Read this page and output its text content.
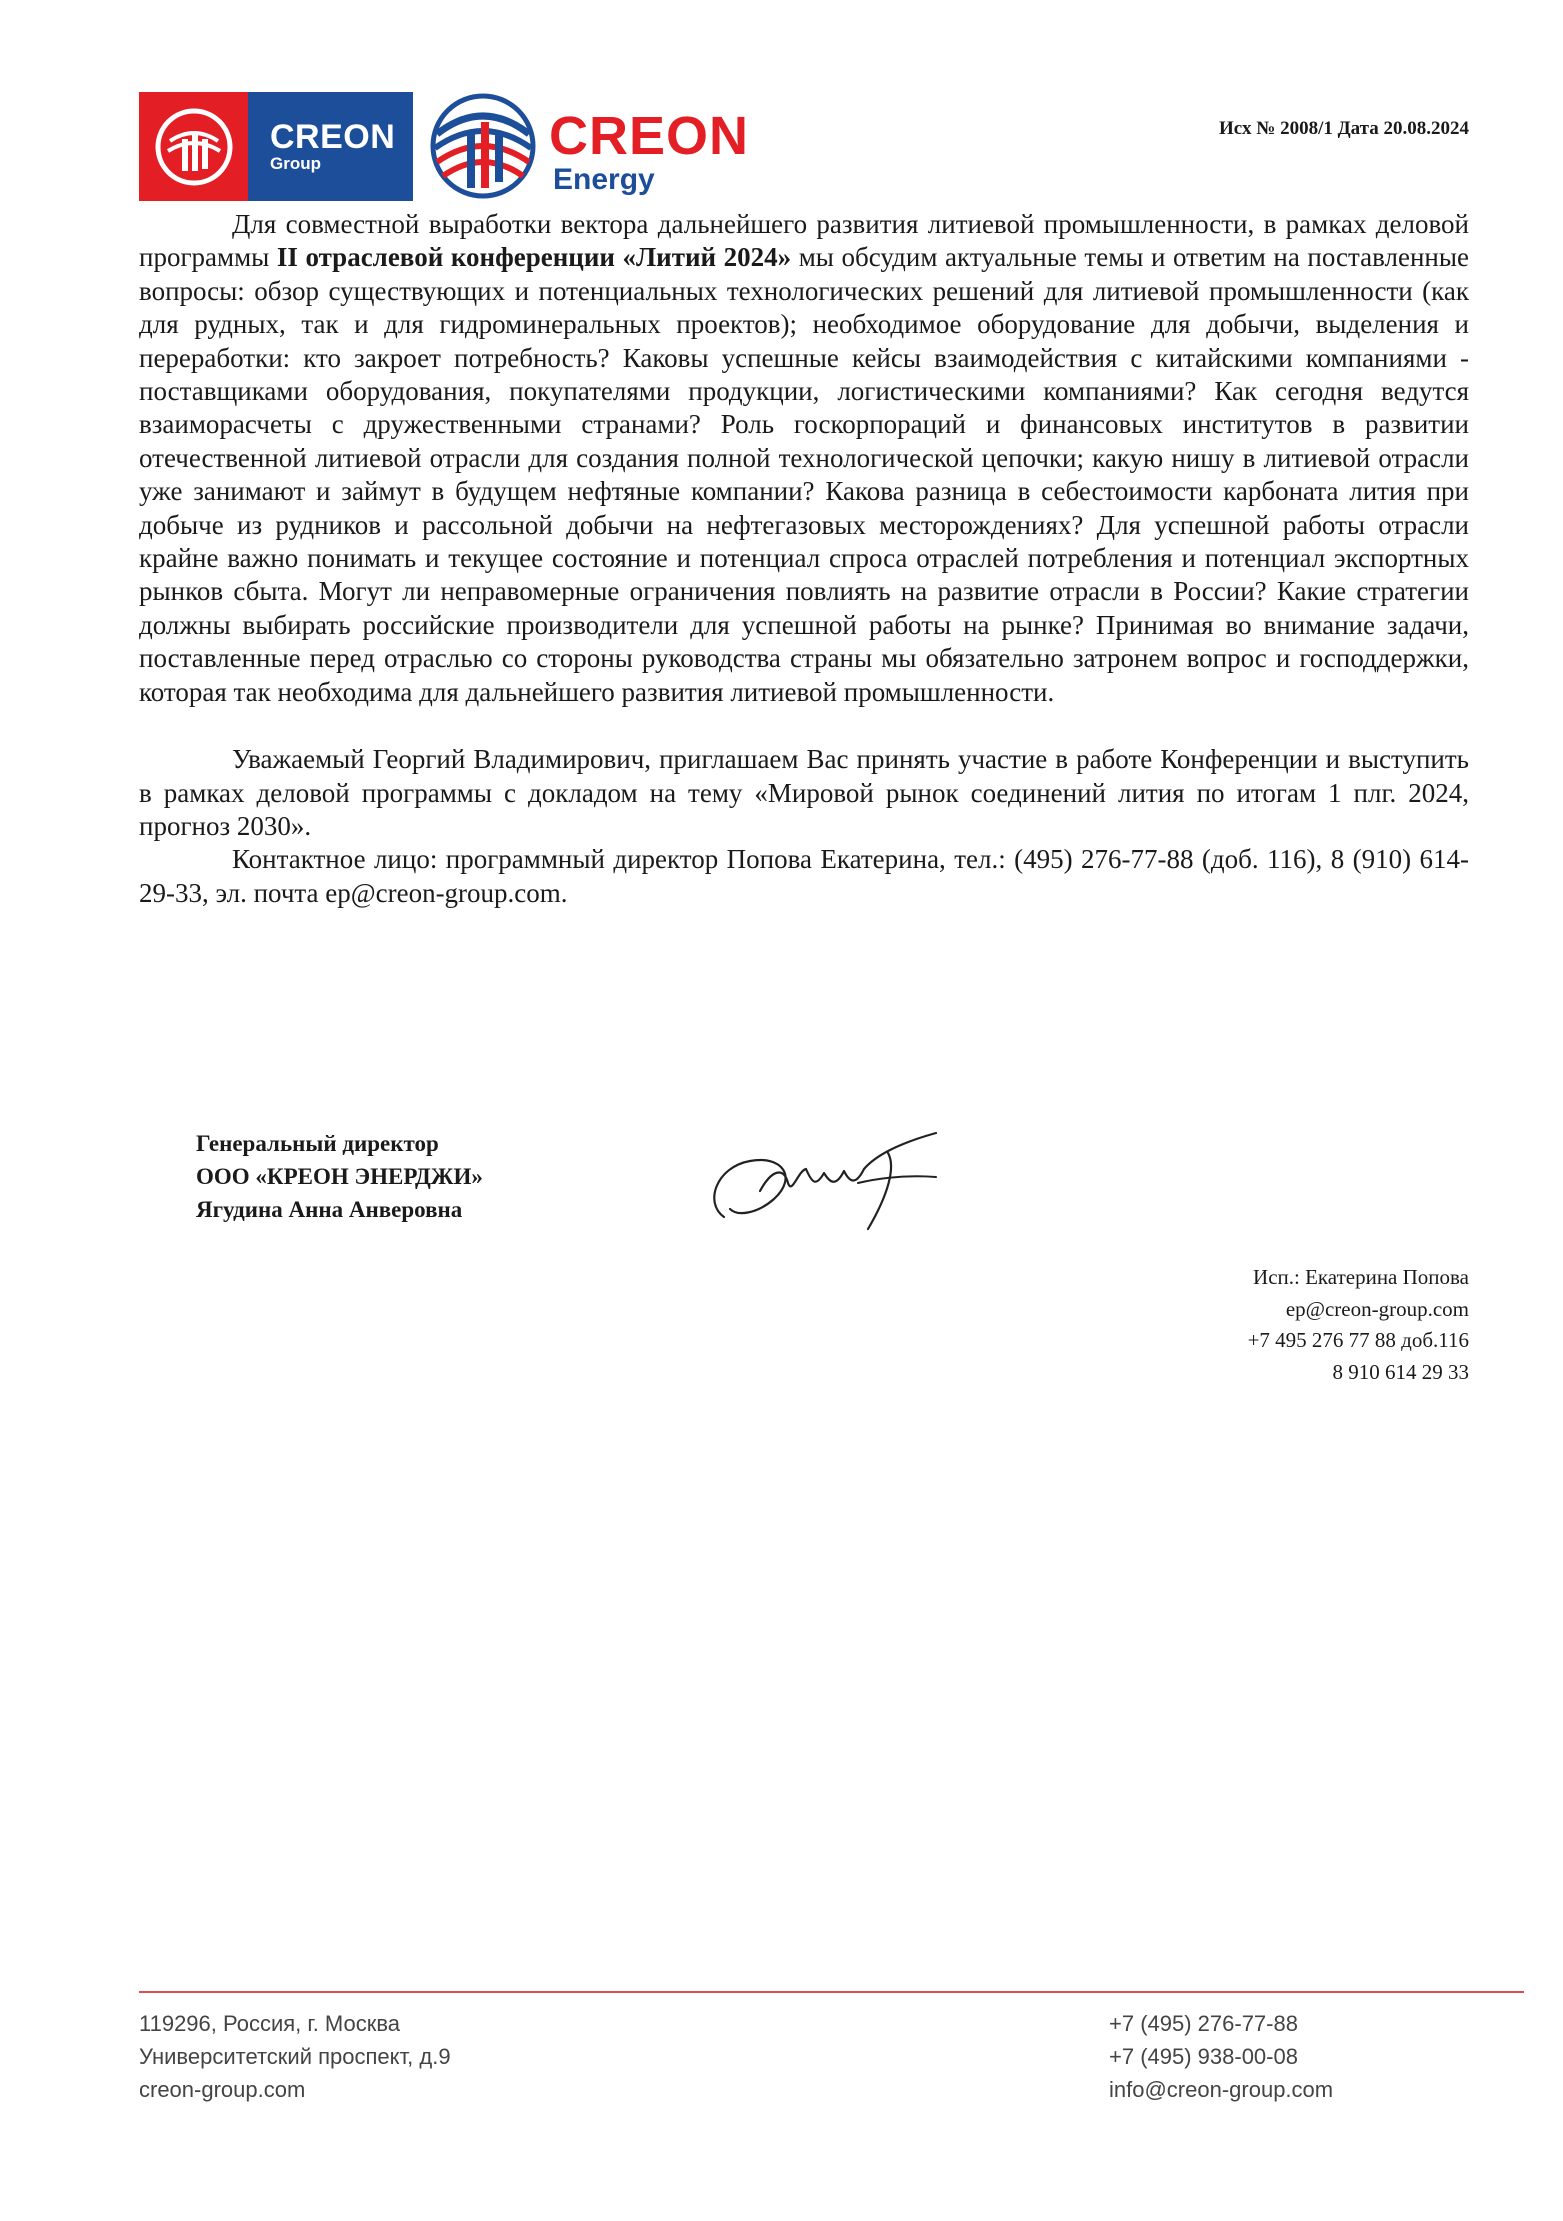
CREON
Group	CREON
Energy
Исх № 2008/1 Дата 20.08.2024

Для совместной выработки вектора дальнейшего развития литиевой промышленности, в рамках деловой программы II отраслевой конференции «Литий 2024» мы обсудим актуальные темы и ответим на поставленные вопросы: обзор существующих и потенциальных технологических решений для литиевой промышленности (как для рудных, так и для гидроминеральных проектов); необходимое оборудование для добычи, выделения и переработки: кто закроет потребность? Каковы успешные кейсы взаимодействия с китайскими компаниями - поставщиками оборудования, покупателями продукции, логистическими компаниями? Как сегодня ведутся взаиморасчеты с дружественными странами? Роль госкорпораций и финансовых институтов в развитии отечественной литиевой отрасли для создания полной технологической цепочки; какую нишу в литиевой отрасли уже занимают и займут в будущем нефтяные компании? Какова разница в себестоимости карбоната лития при добыче из рудников и рассольной добычи на нефтегазовых месторождениях? Для успешной работы отрасли крайне важно понимать и текущее состояние и потенциал спроса отраслей потребления и потенциал экспортных рынков сбыта. Могут ли неправомерные ограничения повлиять на развитие отрасли в России? Какие стратегии должны выбирать российские производители для успешной работы на рынке? Принимая во внимание задачи, поставленные перед отраслью со стороны руководства страны мы обязательно затронем вопрос и господдержки, которая так необходима для дальнейшего развития литиевой промышленности.

Уважаемый Георгий Владимирович, приглашаем Вас принять участие в работе Конференции и выступить в рамках деловой программы с докладом на тему «Мировой рынок соединений лития по итогам 1 плг. 2024, прогноз 2030».

Контактное лицо: программный директор Попова Екатерина, тел.: (495) 276-77-88 (доб. 116), 8 (910) 614-29-33, эл. почта ep@creon-group.com.

Генеральный директор
ООО «КРЕОН ЭНЕРДЖИ»
Ягудина Анна Анверовна
Исп.: Екатерина Попова
ep@creon-group.com
+7 495 276 77 88 доб.116
8 910 614 29 33
119296, Россия, г. Москва
Университетский проспект, д.9
creon-group.com
+7 (495) 276-77-88
+7 (495) 938-00-08
info@creon-group.com
